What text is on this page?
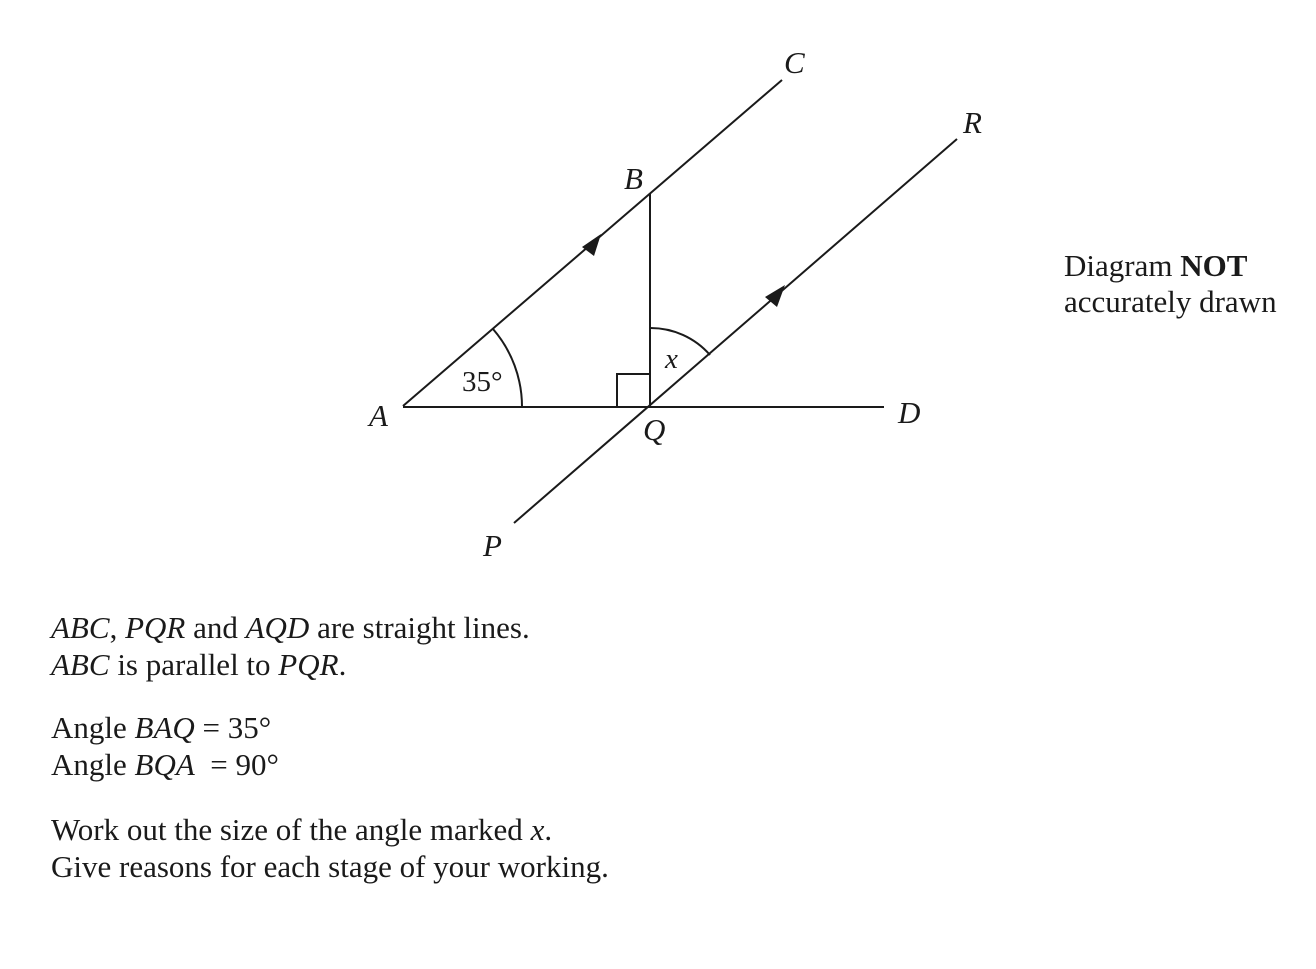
A
B
C
D
P
Q
R
35°
x
Diagram NOT
accurately drawn

ABC, PQR and AQD are straight lines.
ABC is parallel to PQR.

Angle BAQ = 35°
Angle BQA  = 90°

Work out the size of the angle marked x.
Give reasons for each stage of your working.
